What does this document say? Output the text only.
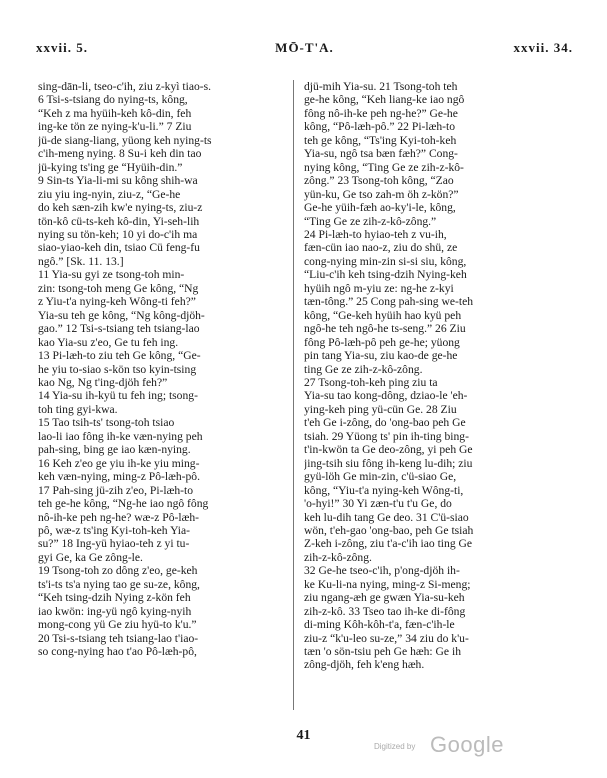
xxvii. 5.	MŌ-T'A.	xxvii. 34.
sing-dān-li, tseo-c'ih, ziu z-kyì tiao-s.
6 Tsi-s-tsiang do nying-ts, kông,
“Keh z ma hyüih-keh kô-din, feh
ing-ke tön ze nying-k'u-li.” 7 Ziu
jü-de siang-liang, yüong keh nying-ts
c'ih-meng nying. 8 Su-i keh din tao
jü-kying ts'ing ge “Hyüih-din.”
9 Sin-ts Yia-li-mi su kông shih-wa
ziu yiu ing-nyin, ziu-z, “Ge-he
do keh sæn-zih kw'e nying-ts, ziu-z
tön-kô cü-ts-keh kô-din, Yi-seh-lih
nying su tön-keh; 10 yi do-c'ih ma
siao-yiao-keh din, tsiao Cü feng-fu
ngô.” [Sk. 11. 13.]
11 Yia-su gyi ze tsong-toh min-
zin: tsong-toh meng Ge kông, “Ng
z Yiu-t'a nying-keh Wông-ti feh?”
Yia-su teh ge kông, “Ng kông-djöh-
gao.” 12 Tsi-s-tsiang teh tsiang-lao
kao Yia-su z'eo, Ge tu feh ing.
13 Pi-læh-to ziu teh Ge kông, “Ge-
he yiu to-siao s-kön tso kyin-tsing
kao Ng, Ng t'ing-djöh feh?”
14 Yia-su ih-kyü tu feh ing; tsong-
toh ting gyi-kwa.
15 Tao tsih-ts' tsong-toh tsiao
lao-li iao fông ih-ke væn-nying peh
pah-sing, bing ge iao kæn-nying.
16 Keh z'eo ge yiu ih-ke yiu ming-
keh væn-nying, ming-z Pô-læh-pô.
17 Pah-sing jü-zih z'eo, Pi-læh-to
teh ge-he kông, “Ng-he iao ngô fông
nô-ih-ke peh ng-he? wæ-z Pô-læh-
pô, wæ-z ts'ing Kyi-toh-keh Yia-
su?” 18 Ing-yü hyiao-teh z yi tu-
gyi Ge, ka Ge zông-le.
19 Tsong-toh zo dông z'eo, ge-keh
ts'i-ts ts'a nying tao ge su-ze, kông,
“Keh tsing-dzih Nying z-kön feh
iao kwön: ing-yü ngô kying-nyih
mong-cong yü Ge ziu hyü-to k'u.”
20 Tsi-s-tsiang teh tsiang-lao t'iao-
so cong-nying hao t'ao Pô-læh-pô,
djü-mih Yia-su. 21 Tsong-toh teh
ge-he kông, “Keh liang-ke iao ngô
fông nô-ih-ke peh ng-he?” Ge-he
kông, “Pô-læh-pô.” 22 Pi-læh-to
teh ge kông, “Ts'ing Kyi-toh-keh
Yia-su, ngô tsa bæn fæh?” Cong-
nying kông, “Ting Ge ze zih-z-kô-
zông.” 23 Tsong-toh kông, “Zao
yün-ku, Ge tso zah-m öh z-kön?”
Ge-he yüih-fæh ao-ky'i-le, kông,
“Ting Ge ze zih-z-kô-zông.”
24 Pi-læh-to hyiao-teh z vu-ih,
fæn-cün iao nao-z, ziu do shü, ze
cong-nying min-zin si-si siu, kông,
“Liu-c'ih keh tsing-dzih Nying-keh
hyüih ngô m-yiu ze: ng-he z-kyi
tæn-tông.” 25 Cong pah-sing we-teh
kông, “Ge-keh hyüih hao kyü peh
ngô-he teh ngô-he ts-seng.” 26 Ziu
fông Pô-læh-pô peh ge-he; yüong
pin tang Yia-su, ziu kao-de ge-he
ting Ge ze zih-z-kô-zông.
27 Tsong-toh-keh ping ziu ta
Yia-su tao kong-dông, dziao-le 'eh-
ying-keh ping yü-cün Ge. 28 Ziu
t'eh Ge i-zông, do 'ong-bao peh Ge
tsiah. 29 Yüong ts' pin ih-ting bing-
t'in-kwön ta Ge deo-zông, yi peh Ge
jing-tsih siu fông ih-keng lu-dih; ziu
gyü-löh Ge min-zin, c'ü-siao Ge,
kông, “Yiu-t'a nying-keh Wông-ti,
'o-hyi!” 30 Yi zæn-t'u t'u Ge, do
keh lu-dih tang Ge deo. 31 C'ü-siao
wön, t'eh-gao 'ong-bao, peh Ge tsiah
Z-keh i-zông, ziu t'a-c'ih iao ting Ge
zih-z-kô-zông.
32 Ge-he tseo-c'ih, p'ong-djöh ih-
ke Ku-li-na nying, ming-z Si-meng;
ziu ngang-æh ge gwæn Yia-su-keh
zih-z-kô. 33 Tseo tao ih-ke di-fông
di-ming Kôh-kôh-t'a, fæn-c'ih-le
ziu-z “k'u-leo su-ze,” 34 ziu do k'u-
tæn 'o sön-tsiu peh Ge hæh: Ge ih
zông-djöh, feh k'eng hæh.
41
Digitized by Google
